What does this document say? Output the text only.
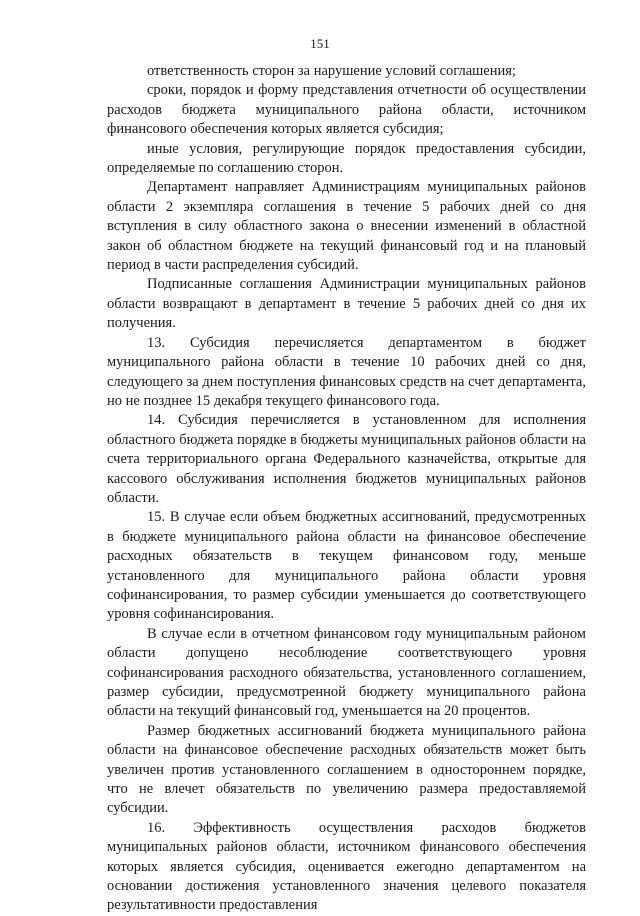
151

ответственность сторон за нарушение условий соглашения;

сроки, порядок и форму представления отчетности об осуществлении расходов бюджета муниципального района области, источником финансового обеспечения которых является субсидия;

иные условия, регулирующие порядок предоставления субсидии, определяемые по соглашению сторон.

Департамент направляет Администрациям муниципальных районов области 2 экземпляра соглашения в течение 5 рабочих дней со дня вступления в силу областного закона о внесении изменений в областной закон об областном бюджете на текущий финансовый год и на плановый период в части распределения субсидий.

Подписанные соглашения Администрации муниципальных районов области возвращают в департамент в течение 5 рабочих дней со дня их получения.

13. Субсидия перечисляется департаментом в бюджет муниципального района области в течение 10 рабочих дней со дня, следующего за днем поступления финансовых средств на счет департамента, но не позднее 15 декабря текущего финансового года.

14. Субсидия перечисляется в установленном для исполнения областного бюджета порядке в бюджеты муниципальных районов области на счета территориального органа Федерального казначейства, открытые для кассового обслуживания исполнения бюджетов муниципальных районов области.

15. В случае если объем бюджетных ассигнований, предусмотренных в бюджете муниципального района области на финансовое обеспечение расходных обязательств в текущем финансовом году, меньше установленного для муниципального района области уровня софинансирования, то размер субсидии уменьшается до соответствующего уровня софинансирования.

В случае если в отчетном финансовом году муниципальным районом области допущено несоблюдение соответствующего уровня софинансирования расходного обязательства, установленного соглашением, размер субсидии, предусмотренной бюджету муниципального района области на текущий финансовый год, уменьшается на 20 процентов.

Размер бюджетных ассигнований бюджета муниципального района области на финансовое обеспечение расходных обязательств может быть увеличен против установленного соглашением в одностороннем порядке, что не влечет обязательств по увеличению размера предоставляемой субсидии.

16. Эффективность осуществления расходов бюджетов муниципальных районов области, источником финансового обеспечения которых является субсидия, оценивается ежегодно департаментом на основании достижения установленного значения целевого показателя результативности предоставления
